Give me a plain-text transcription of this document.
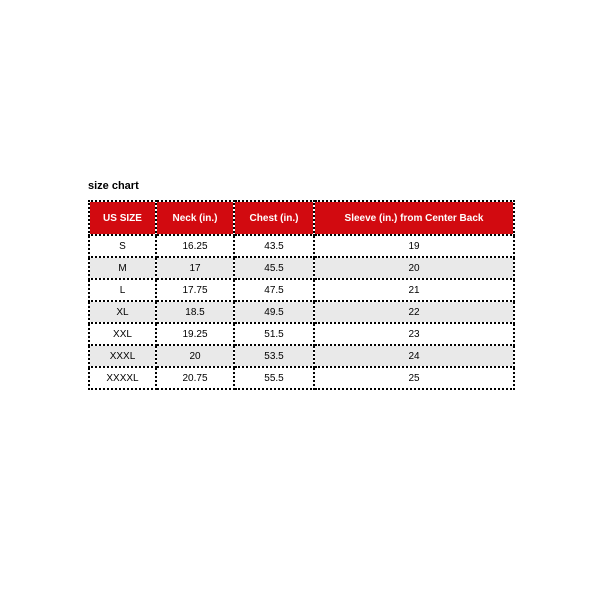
size chart
US SIZE	Neck (in.)	Chest (in.)	Sleeve (in.) from Center Back
S	16.25	43.5	19
M	17	45.5	20
L	17.75	47.5	21
XL	18.5	49.5	22
XXL	19.25	51.5	23
XXXL	20	53.5	24
XXXXL	20.75	55.5	25
